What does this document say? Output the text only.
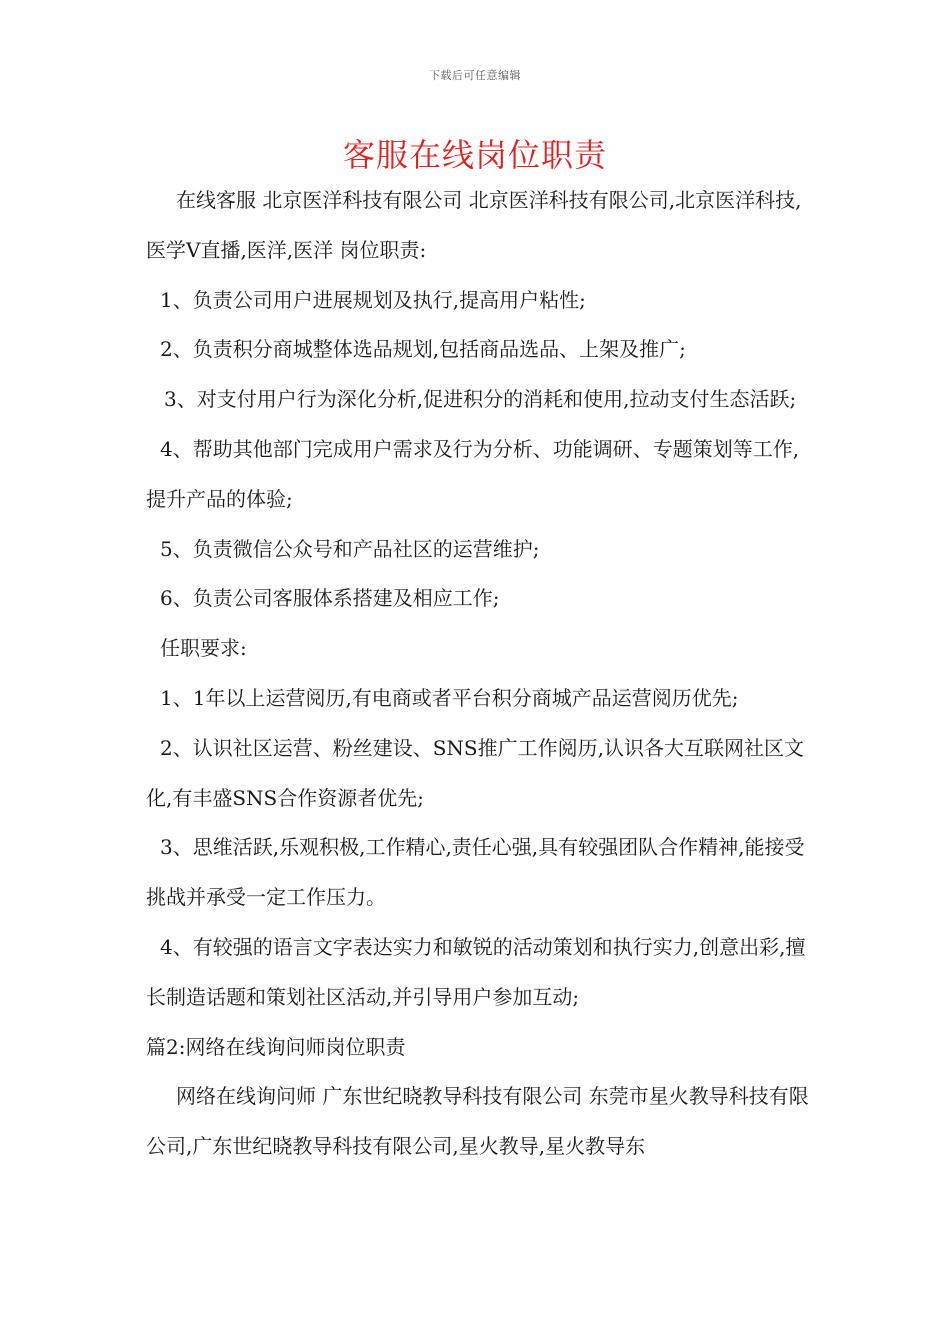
下载后可任意编辑
客服在线岗位职责

在线客服 北京医洋科技有限公司 北京医洋科技有限公司,北京医洋科技,医学V直播,医洋,医洋 岗位职责:

1、负责公司用户进展规划及执行,提高用户粘性;

2、负责积分商城整体选品规划,包括商品选品、上架及推广;

3、对支付用户行为深化分析,促进积分的消耗和使用,拉动支付生态活跃;

4、帮助其他部门完成用户需求及行为分析、功能调研、专题策划等工作,提升产品的体验;

5、负责微信公众号和产品社区的运营维护;

6、负责公司客服体系搭建及相应工作;

任职要求:

1、1年以上运营阅历,有电商或者平台积分商城产品运营阅历优先;

2、认识社区运营、粉丝建设、SNS推广工作阅历,认识各大互联网社区文化,有丰盛SNS合作资源者优先;

3、思维活跃,乐观积极,工作精心,责任心强,具有较强团队合作精神,能接受挑战并承受一定工作压力。

4、有较强的语言文字表达实力和敏锐的活动策划和执行实力,创意出彩,擅长制造话题和策划社区活动,并引导用户参加互动;

篇2:网络在线询问师岗位职责

网络在线询问师 广东世纪晓教导科技有限公司 东莞市星火教导科技有限公司,广东世纪晓教导科技有限公司,星火教导,星火教导东
